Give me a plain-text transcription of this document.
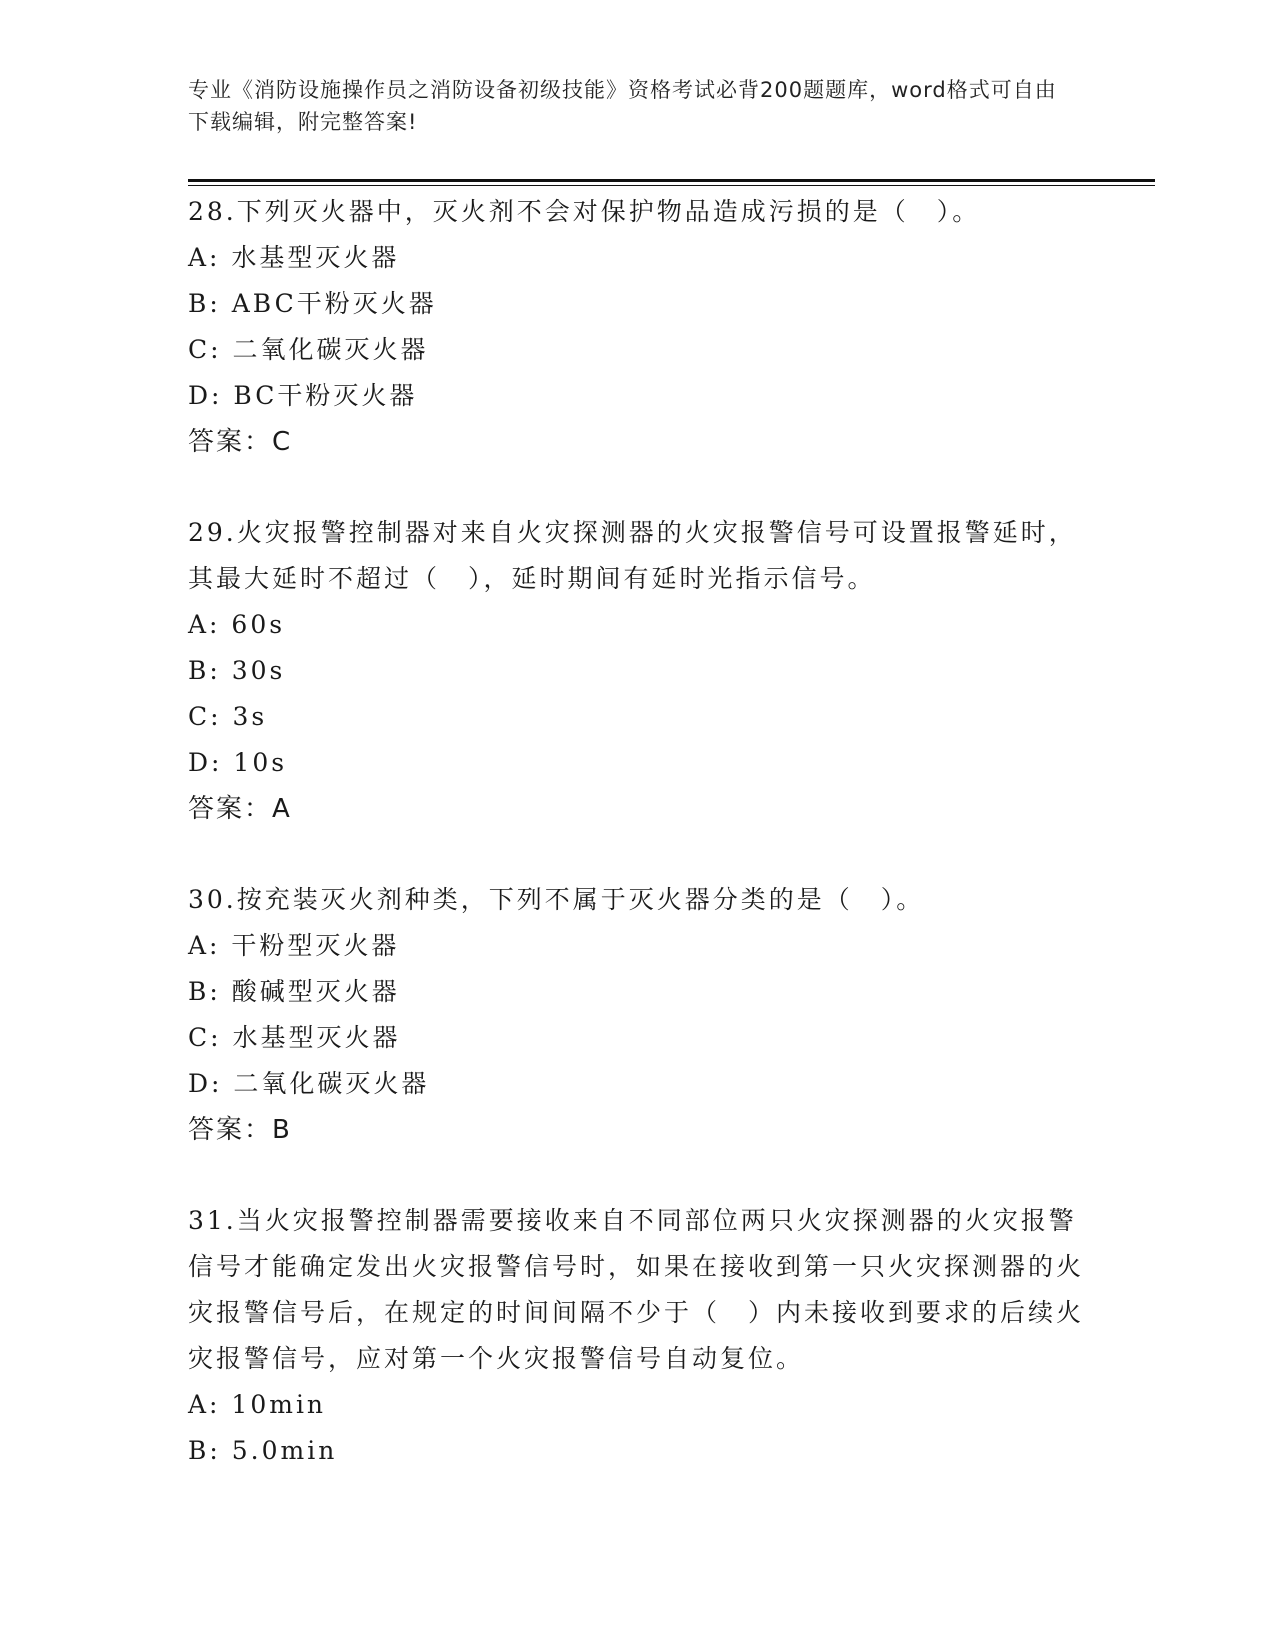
专业《消防设施操作员之消防设备初级技能》资格考试必背200题题库，word格式可自由下载编辑，附完整答案!

28.下列灭火器中，灭火剂不会对保护物品造成污损的是（　）。

A: 水基型灭火器

B: ABC干粉灭火器

C: 二氧化碳灭火器

D: BC干粉灭火器

答案：C

29.火灾报警控制器对来自火灾探测器的火灾报警信号可设置报警延时，其最大延时不超过（　），延时期间有延时光指示信号。

A: 60s

B: 30s

C: 3s

D: 10s

答案：A

30.按充装灭火剂种类，下列不属于灭火器分类的是（　）。

A: 干粉型灭火器

B: 酸碱型灭火器

C: 水基型灭火器

D: 二氧化碳灭火器

答案：B

31.当火灾报警控制器需要接收来自不同部位两只火灾探测器的火灾报警信号才能确定发出火灾报警信号时，如果在接收到第一只火灾探测器的火灾报警信号后，在规定的时间间隔不少于（　）内未接收到要求的后续火灾报警信号，应对第一个火灾报警信号自动复位。

A: 10min

B: 5.0min
